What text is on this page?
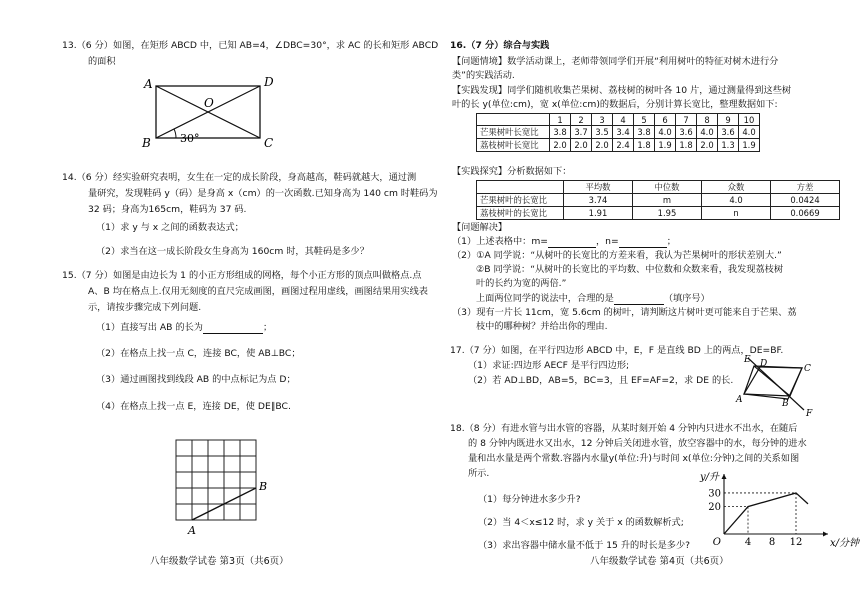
13.（6 分）如图，在矩形 ABCD 中，已知 AB=4，∠DBC=30°，求 AC 的长和矩形 ABCD
的面积
A	D
B	C
O
30°
14.（6 分）经实验研究表明，女生在一定的成长阶段，身高越高，鞋码就越大，通过测
量研究，发现鞋码 y（码）是身高 x（cm）的一次函数.已知身高为 140 cm 时鞋码为
32 码；身高为165cm，鞋码为 37 码.
（1）求 y 与 x 之间的函数表达式；
（2）求当在这一成长阶段女生身高为 160cm 时，其鞋码是多少？
15.（7 分）如图是由边长为 1 的小正方形组成的网格，每个小正方形的顶点叫做格点.点
A、B 均在格点上.仅用无刻度的直尺完成画图，画图过程用虚线，画图结果用实线表
示，请按步骤完成下列问题.
（1）直接写出 AB 的长为	；
（2）在格点上找一点 C，连接 BC，使 AB⊥BC；
（3）通过画图找到线段 AB 的中点标记为点 D；
（4）在格点上找一点 E，连接 DE，使 DE∥BC.
A
B
八年级数学试卷 第3页（共6页）
16.（7 分）综合与实践
【问题情境】数学活动课上，老师带领同学们开展“利用树叶的特征对树木进行分
类”的实践活动.
【实践发现】同学们随机收集芒果树、荔枝树的树叶各 10 片，通过测量得到这些树
叶的长 y(单位:cm)，宽 x(单位:cm)的数据后，分别计算长宽比，整理数据如下:
	1	2	3	4	5	6	7	8	9	10
芒果树叶长宽比	3.8	3.7	3.5	3.4	3.8	4.0	3.6	4.0	3.6	4.0
荔枝树叶长宽比	2.0	2.0	2.0	2.4	1.8	1.9	1.8	2.0	1.3	1.9
【实践探究】分析数据如下：
	平均数	中位数	众数	方差
芒果树叶的长宽比	3.74	m	4.0	0.0424
荔枝树叶的长宽比	1.91	1.95	n	0.0669
【问题解决】
（1）上述表格中：m=	，n=	；
（2）①A 同学说：“从树叶的长宽比的方差来看，我认为芒果树叶的形状差别大.”
②B 同学说：“从树叶的长宽比的平均数、中位数和众数来看，我发现荔枝树
叶的长约为宽的两倍.”
上面两位同学的说法中，合理的是	（填序号）
（3）现有一片长 11cm，宽 5.6cm 的树叶，请判断这片树叶更可能来自于芒果、荔
枝中的哪种树？并给出你的理由.
17.（7 分）如图，在平行四边形 ABCD 中，E，F 是直线 BD 上的两点，DE=BF.
（1）求证:四边形 AECF 是平行四边形;
（2）若 AD⊥BD，AB=5，BC=3，且 EF=AF=2，求 DE 的长.
E D	C
A	B
F
18.（8 分）有进水管与出水管的容器，从某时刻开始 4 分钟内只进水不出水，在随后
的 8 分钟内既进水又出水，12 分钟后关闭进水管，放空容器中的水，每分钟的进水
量和出水量是两个常数.容器内水量y(单位:升)与时间 x(单位:分钟)之间的关系如图
所示.
（1）每分钟进水多少升?
（2）当 4＜x≤12 时，求 y 关于 x 的函数解析式;
（3）求出容器中储水量不低于 15 升的时长是多少?	4 8 12
20
30
O	x/分钟
y/升
八年级数学试卷 第4页（共6页）
